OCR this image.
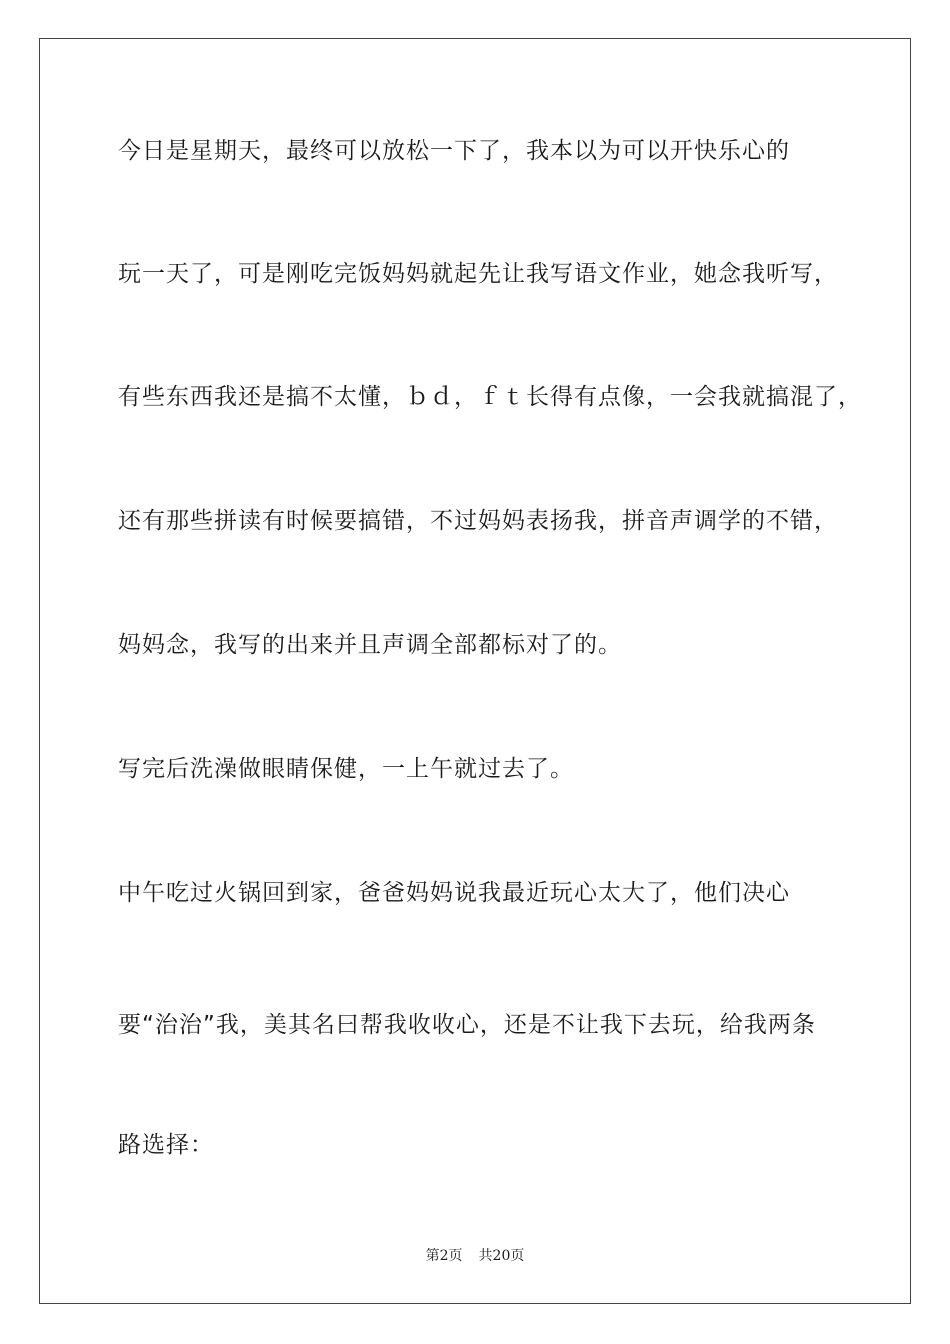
今日是星期天，最终可以放松一下了，我本以为可以开快乐心的
玩一天了，可是刚吃完饭妈妈就起先让我写语文作业，她念我听写，
有些东西我还是搞不太懂，ｂｄ，ｆｔ长得有点像，一会我就搞混了，
还有那些拼读有时候要搞错，不过妈妈表扬我，拼音声调学的不错，
妈妈念，我写的出来并且声调全部都标对了的。
写完后洗澡做眼睛保健，一上午就过去了。
中午吃过火锅回到家，爸爸妈妈说我最近玩心太大了，他们决心
要“治治”我，美其名曰帮我收收心，还是不让我下去玩，给我两条
路选择：
第2页 共20页
